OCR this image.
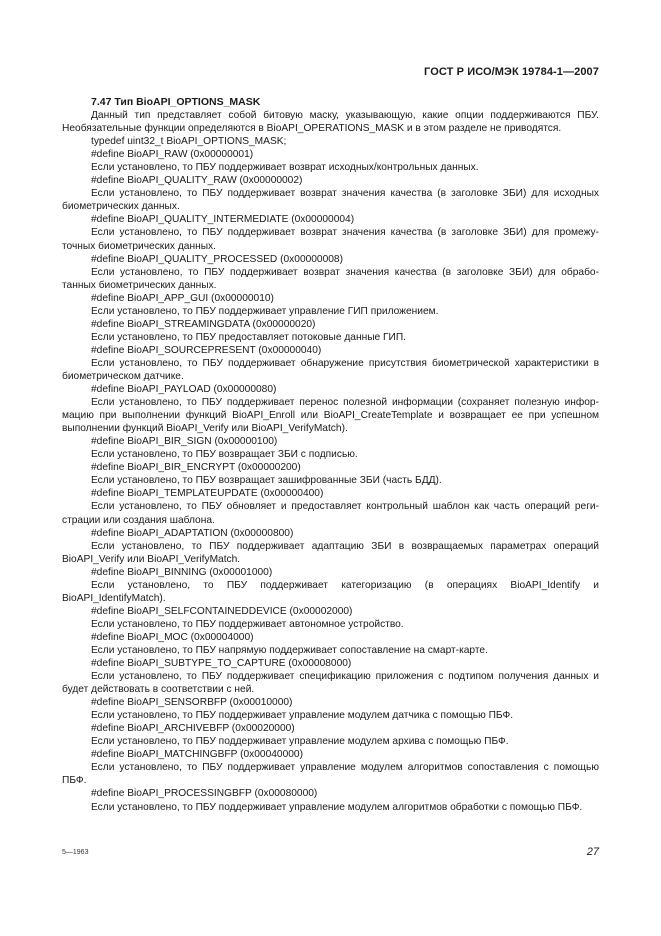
ГОСТ Р ИСО/МЭК 19784-1—2007

7.47 Тип BioAPI_OPTIONS_MASK

Данный тип представляет собой битовую маску, указывающую, какие опции поддерживаются ПБУ. Необязательные функции определяются в BioAPI_OPERATIONS_MASK и в этом разделе не приводятся.

typedef uint32_t BioAPI_OPTIONS_MASK;

#define BioAPI_RAW (0x00000001)

Если установлено, то ПБУ поддерживает возврат исходных/контрольных данных.

#define BioAPI_QUALITY_RAW (0x00000002)

Если установлено, то ПБУ поддерживает возврат значения качества (в заголовке ЗБИ) для исходных биометрических данных.

#define BioAPI_QUALITY_INTERMEDIATE (0x00000004)

Если установлено, то ПБУ поддерживает возврат значения качества (в заголовке ЗБИ) для промежу-точных биометрических данных.

#define BioAPI_QUALITY_PROCESSED (0x00000008)

Если установлено, то ПБУ поддерживает возврат значения качества (в заголовке ЗБИ) для обрабо-танных биометрических данных.

#define BioAPI_APP_GUI (0x00000010)

Если установлено, то ПБУ поддерживает управление ГИП приложением.

#define BioAPI_STREAMINGDATA (0x00000020)

Если установлено, то ПБУ предоставляет потоковые данные ГИП.

#define BioAPI_SOURCEPRESENT (0x00000040)

Если установлено, то ПБУ поддерживает обнаружение присутствия биометрической характеристики в биометрическом датчике.

#define BioAPI_PAYLOAD (0x00000080)

Если установлено, то ПБУ поддерживает перенос полезной информации (сохраняет полезную инфор-мацию при выполнении функций BioAPI_Enroll или BioAPI_CreateTemplate и возвращает ее при успешном выполнении функций BioAPI_Verify или BioAPI_VerifyMatch).

#define BioAPI_BIR_SIGN (0x00000100)

Если установлено, то ПБУ возвращает ЗБИ с подписью.

#define BioAPI_BIR_ENCRYPT (0x00000200)

Если установлено, то ПБУ возвращает зашифрованные ЗБИ (часть БДД).

#define BioAPI_TEMPLATEUPDATE (0x00000400)

Если установлено, то ПБУ обновляет и предоставляет контрольный шаблон как часть операций реги-страции или создания шаблона.

#define BioAPI_ADAPTATION (0x00000800)

Если установлено, то ПБУ поддерживает адаптацию ЗБИ в возвращаемых параметрах операций BioAPI_Verify или BioAPI_VerifyMatch.

#define BioAPI_BINNING (0x00001000)

Если установлено, то ПБУ поддерживает категоризацию (в операциях BioAPI_Identify и BioAPI_IdentifyMatch).

#define BioAPI_SELFCONTAINEDDEVICE (0x00002000)

Если установлено, то ПБУ поддерживает автономное устройство.

#define BioAPI_MOC (0x00004000)

Если установлено, то ПБУ напрямую поддерживает сопоставление на смарт-карте.

#define BioAPI_SUBTYPE_TO_CAPTURE (0x00008000)

Если установлено, то ПБУ поддерживает спецификацию приложения с подтипом получения данных и будет действовать в соответствии с ней.

#define BioAPI_SENSORBFP (0x00010000)

Если установлено, то ПБУ поддерживает управление модулем датчика с помощью ПБФ.

#define BioAPI_ARCHIVEBFP (0x00020000)

Если установлено, то ПБУ поддерживает управление модулем архива с помощью ПБФ.

#define BioAPI_MATCHINGBFP (0x00040000)

Если установлено, то ПБУ поддерживает управление модулем алгоритмов сопоставления с помощью ПБФ.

#define BioAPI_PROCESSINGBFP (0x00080000)

Если установлено, то ПБУ поддерживает управление модулем алгоритмов обработки с помощью ПБФ.

5—1963	27
